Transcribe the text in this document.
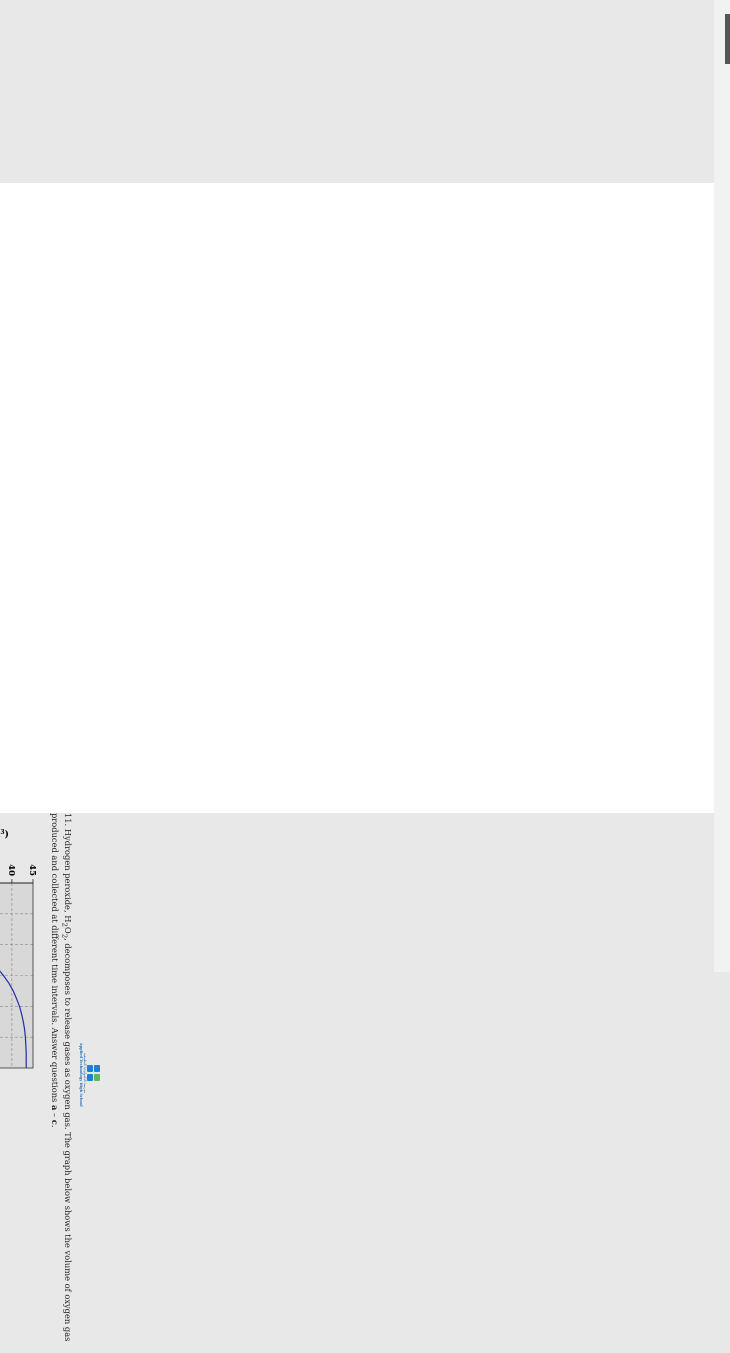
مدرسة التكنولوجيا التطبيقية
Applied Technology High School
11. Hydrogen peroxide, $H_2O_2$, decomposes to release gases as oxygen gas. The graph below shows the volume of oxygen gas produced and collected at different time intervals. Answer questions a – c.
40 45
$^3$)
